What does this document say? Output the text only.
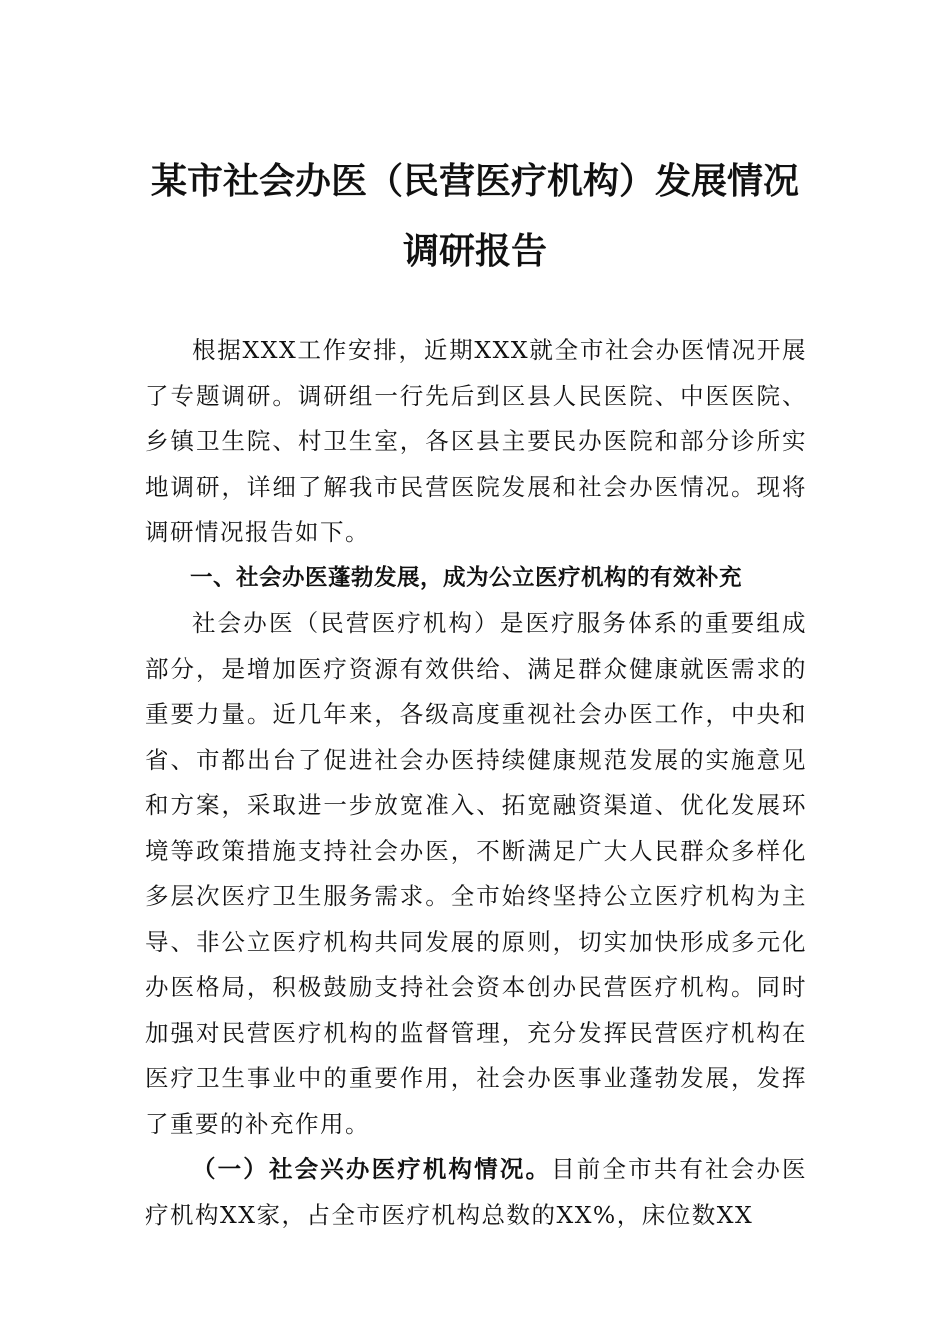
某市社会办医（民营医疗机构）发展情况
调研报告

根据XXX工作安排，近期XXX就全市社会办医情况开展了专题调研。调研组一行先后到区县人民医院、中医医院、乡镇卫生院、村卫生室，各区县主要民办医院和部分诊所实地调研，详细了解我市民营医院发展和社会办医情况。现将调研情况报告如下。

一、社会办医蓬勃发展，成为公立医疗机构的有效补充

社会办医（民营医疗机构）是医疗服务体系的重要组成部分，是增加医疗资源有效供给、满足群众健康就医需求的重要力量。近几年来，各级高度重视社会办医工作，中央和省、市都出台了促进社会办医持续健康规范发展的实施意见和方案，采取进一步放宽准入、拓宽融资渠道、优化发展环境等政策措施支持社会办医，不断满足广大人民群众多样化多层次医疗卫生服务需求。全市始终坚持公立医疗机构为主导、非公立医疗机构共同发展的原则，切实加快形成多元化办医格局，积极鼓励支持社会资本创办民营医疗机构。同时加强对民营医疗机构的监督管理，充分发挥民营医疗机构在医疗卫生事业中的重要作用，社会办医事业蓬勃发展，发挥了重要的补充作用。

（一）社会兴办医疗机构情况。目前全市共有社会办医疗机构XX家，占全市医疗机构总数的XX%，床位数XX
